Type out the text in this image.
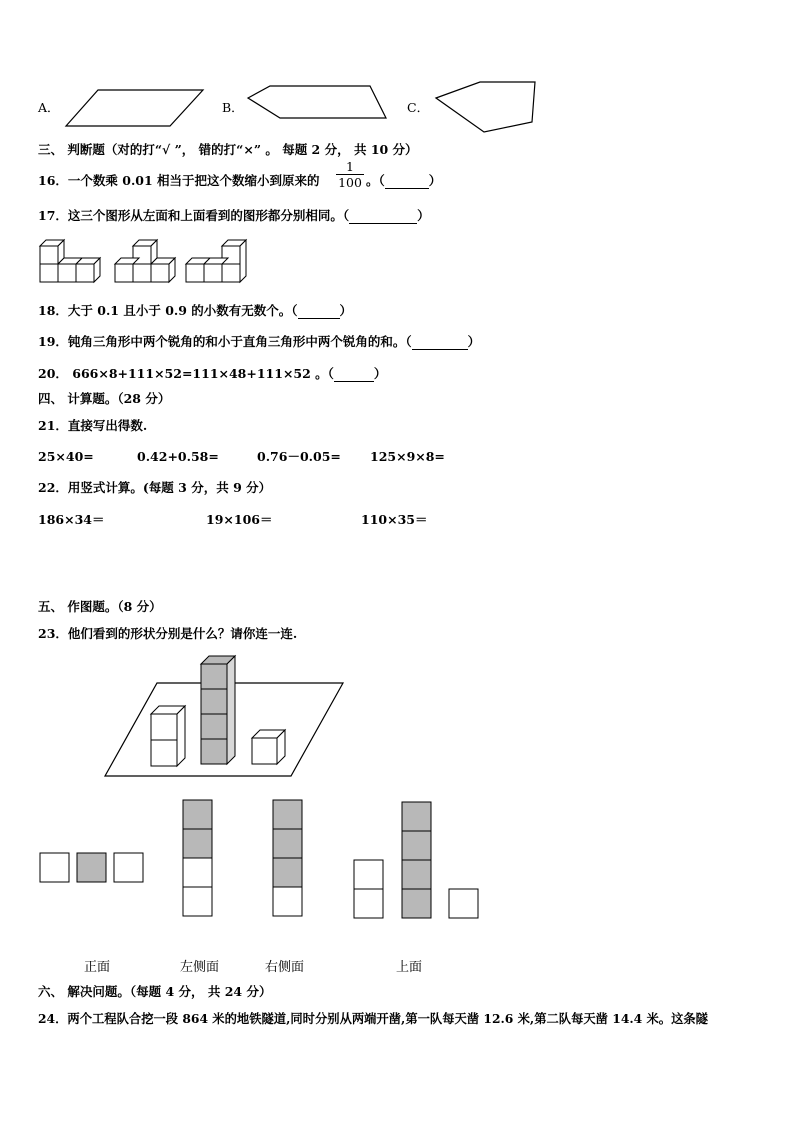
A．	B．	C．
三、 判断题（对的打“√ ”， 错的打“×” 。 每题 2 分， 共 10 分）
16．一个数乘 0.01 相当于把这个数缩小到原来的
1
100 。（	）
17．这三个图形从左面和上面看到的图形都分别相同。（	）
18．大于 0.1 且小于 0.9 的小数有无数个。（	）
19．钝角三角形中两个锐角的和小于直角三角形中两个锐角的和。（	）
20． 666×8+111×52=111×48+111×52 。（	）
四、 计算题。（28 分）
21．直接写出得数.
25×40=	0.42+0.58=	0.76－0.05= 125×9×8=
22．用竖式计算。(每题 3 分，共 9 分）
186×34＝	19×106＝	110×35＝
五、 作图题。（8 分）
23．他们看到的形状分别是什么？请你连一连.
正面	左侧面	右侧面	上面
六、 解决问题。（每题 4 分， 共 24 分）
24．两个工程队合挖一段 864 米的地铁隧道,同时分别从两端开凿,第一队每天凿 12.6 米,第二队每天凿 14.4 米。这条隧
